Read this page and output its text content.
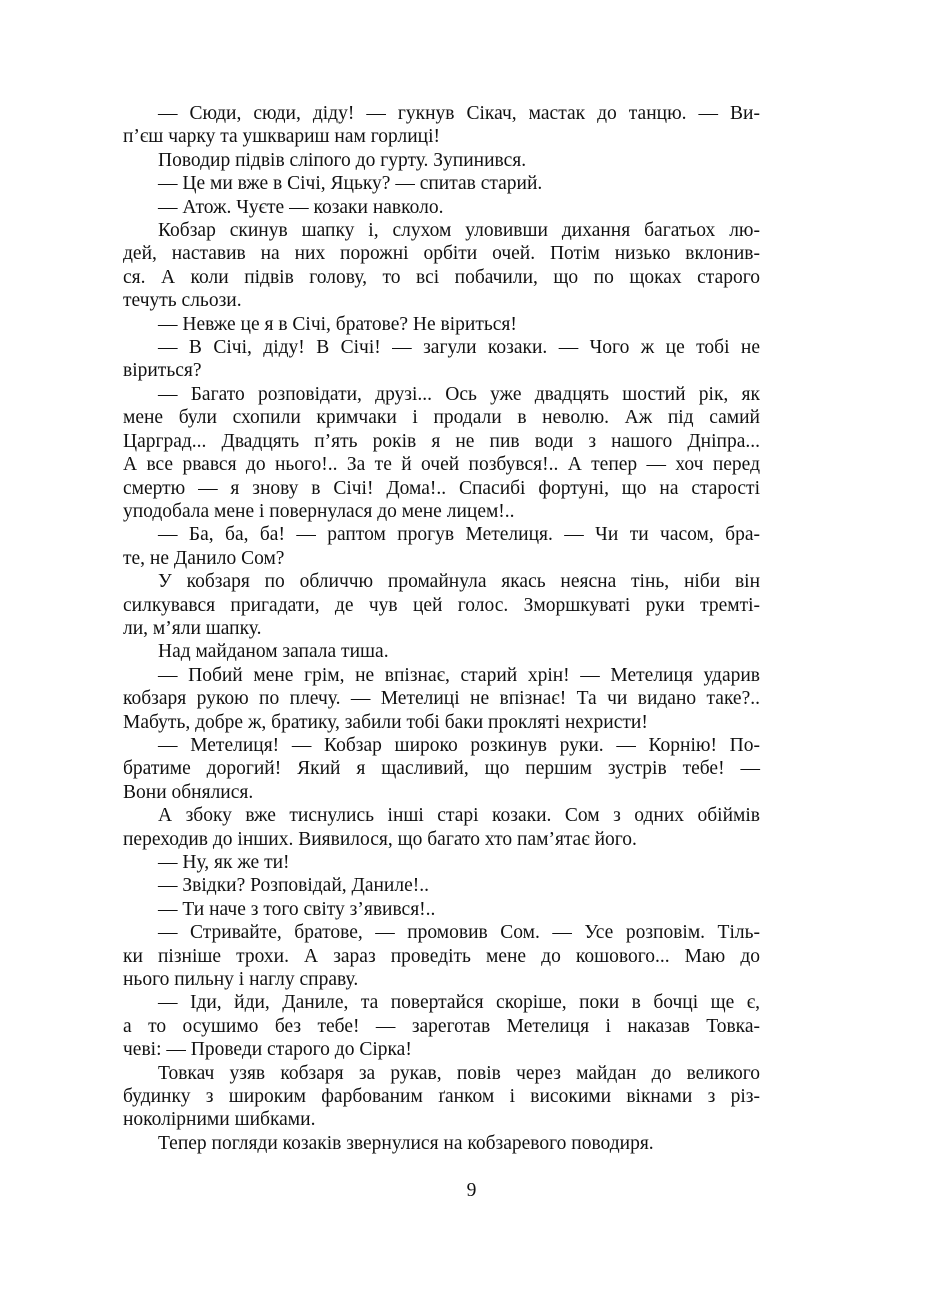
— Сюди, сюди, діду! — гукнув Сікач, мастак до танцю. — Ви-
п’єш чарку та ушквариш нам горлиці!
Поводир підвів сліпого до гурту. Зупинився.
— Це ми вже в Січі, Яцьку? — спитав старий.
— Атож. Чуєте — козаки навколо.
Кобзар скинув шапку і, слухом уловивши дихання багатьох лю-
дей, наставив на них порожні орбіти очей. Потім низько вклонив-
ся. А коли підвів голову, то всі побачили, що по щоках старого
течуть сльози.
— Невже це я в Січі, братове? Не віриться!
— В Січі, діду! В Січі! — загули козаки. — Чого ж це тобі не
віриться?
— Багато розповідати, друзі... Ось уже двадцять шостий рік, як
мене були схопили кримчаки і продали в неволю. Аж під самий
Царград... Двадцять п’ять років я не пив води з нашого Дніпра...
А все рвався до нього!.. За те й очей позбувся!.. А тепер — хоч перед
смертю — я знову в Січі! Дома!.. Спасибі фортуні, що на старості
уподобала мене і повернулася до мене лицем!..
— Ба, ба, ба! — раптом прогув Метелиця. — Чи ти часом, бра-
те, не Данило Сом?
У кобзаря по обличчю промайнула якась неясна тінь, ніби він
силкувався пригадати, де чув цей голос. Зморшкуваті руки тремті-
ли, м’яли шапку.
Над майданом запала тиша.
— Побий мене грім, не впізнає, старий хрін! — Метелиця ударив
кобзаря рукою по плечу. — Метелиці не впізнає! Та чи видано таке?..
Мабуть, добре ж, братику, забили тобі баки прокляті нехристи!
— Метелиця! — Кобзар широко розкинув руки. — Корнію! По-
братиме дорогий! Який я щасливий, що першим зустрів тебе! —
Вони обнялися.
А збоку вже тиснулись інші старі козаки. Сом з одних обіймів
переходив до інших. Виявилося, що багато хто пам’ятає його.
— Ну, як же ти!
— Звідки? Розповідай, Даниле!..
— Ти наче з того світу з’явився!..
— Стривайте, братове, — промовив Сом. — Усе розповім. Тіль-
ки пізніше трохи. А зараз проведіть мене до кошового... Маю до
нього пильну і наглу справу.
— Іди, йди, Даниле, та повертайся скоріше, поки в бочці ще є,
а то осушимо без тебе! — зареготав Метелиця і наказав Товка-
чеві: — Проведи старого до Сірка!
Товкач узяв кобзаря за рукав, повів через майдан до великого
будинку з широким фарбованим ґанком і високими вікнами з різ-
ноколірними шибками.
Тепер погляди козаків звернулися на кобзаревого поводиря.
9
